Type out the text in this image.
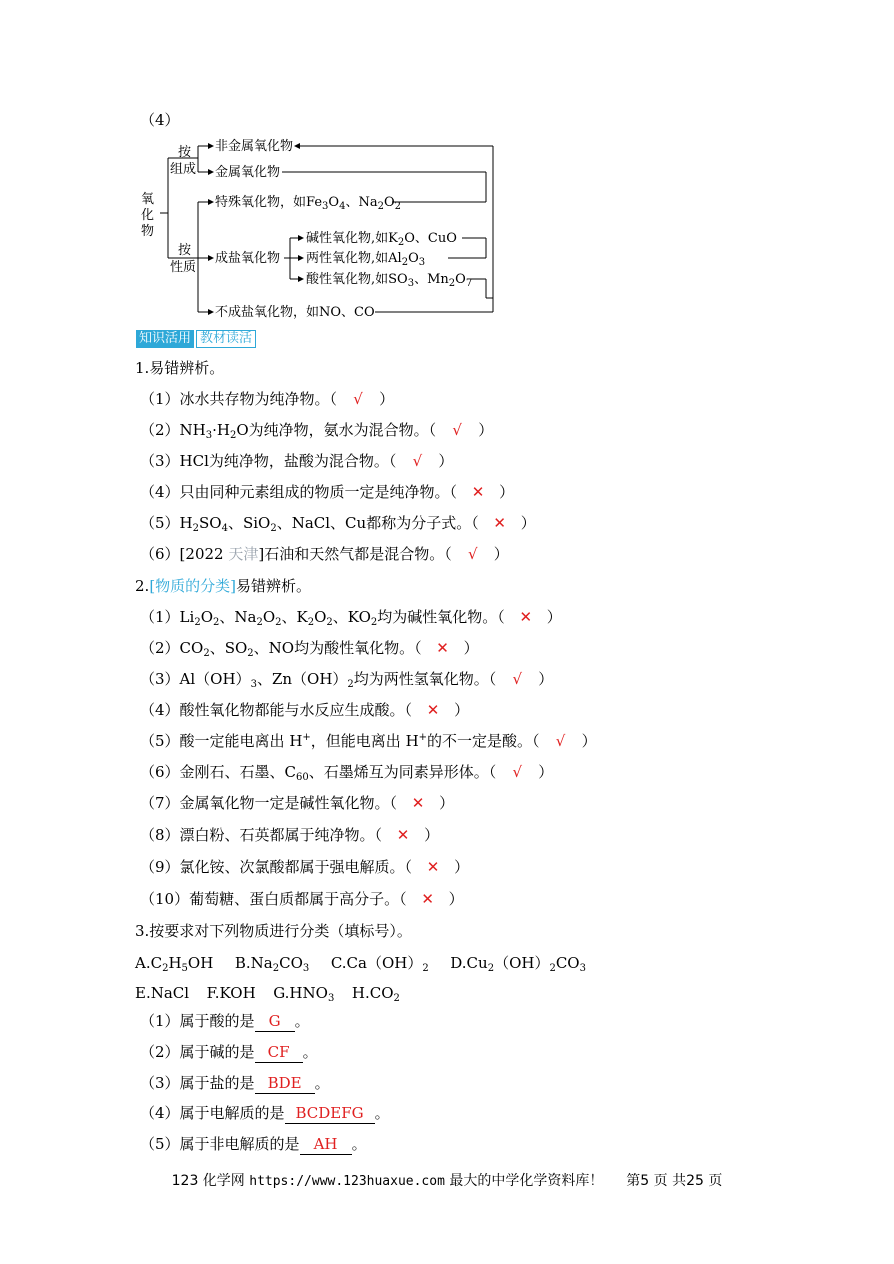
（4）
氧
化
物
按
组成
按
性质
非金属氧化物
金属氧化物
特殊氧化物，如$Fe_3O_4$、$Na_2O_2$
成盐氧化物
碱性氧化物,如$K_2O$、CuO
两性氧化物,如$Al_2O_3$
酸性氧化物,如$SO_3$、$Mn_2O_7$
不成盐氧化物，如NO、CO
知识活用 教材读活
1.易错辨析。
（1）冰水共存物为纯净物。（ √ ）
$(2)NH_3\cdot H_2O$为纯净物，氨水为混合物。（ √ ）
（3）HCl为纯净物，盐酸为混合物。（ √ ）
（4）只由同种元素组成的物质一定是纯净物。（ ✕ ）
$(5)H_2SO_4$、SiO$_2$、NaCl、Cu都称为分子式。（ ✕ ）
（6）[2022 天津]石油和天然气都是混合物。（ √ ）
2.[物质的分类]易错辨析。
$(1)Li_2O_2$、$Na_2O_2$、$K_2O_2$、$KO_2$均为碱性氧化物。（ ✕ ）
$(2)CO_2$、$SO_2$、NO均为酸性氧化物。（ ✕ ）
$(3)Al(OH)_3$、$Zn(OH)_2$均为两性氢氧化物。（ √ ）
（4）酸性氧化物都能与水反应生成酸。（ ✕ ）
（5）酸一定能电离出 H+，但能电离出 H+的不一定是酸。（ √ ）
（6）金刚石、石墨、$C_{60}$、石墨烯互为同素异形体。（ √ ）
（7）金属氧化物一定是碱性氧化物。（ ✕ ）
（8）漂白粉、石英都属于纯净物。（ ✕ ）
（9）氯化铵、次氯酸都属于强电解质。（ ✕ ）
（10）葡萄糖、蛋白质都属于高分子。（ ✕ ）
3.按要求对下列物质进行分类（填标号）。
$A.C_2H_5OH$ $B.Na_2CO_3$ $C.Ca(OH)_2$ $D.Cu_2(OH)_2CO_3$
E.NaCl F.KOH $G.HNO_3$ $H.CO_2$
（1）属于酸的是 G 。
（2）属于碱的是 CF 。
（3）属于盐的是 BDE 。
（4）属于电解质的是 BCDEFG 。
（5）属于非电解质的是 AH 。
123 化学网 https://www.123huaxue.com 最大的中学化学资料库！ 第5 页 共25 页
